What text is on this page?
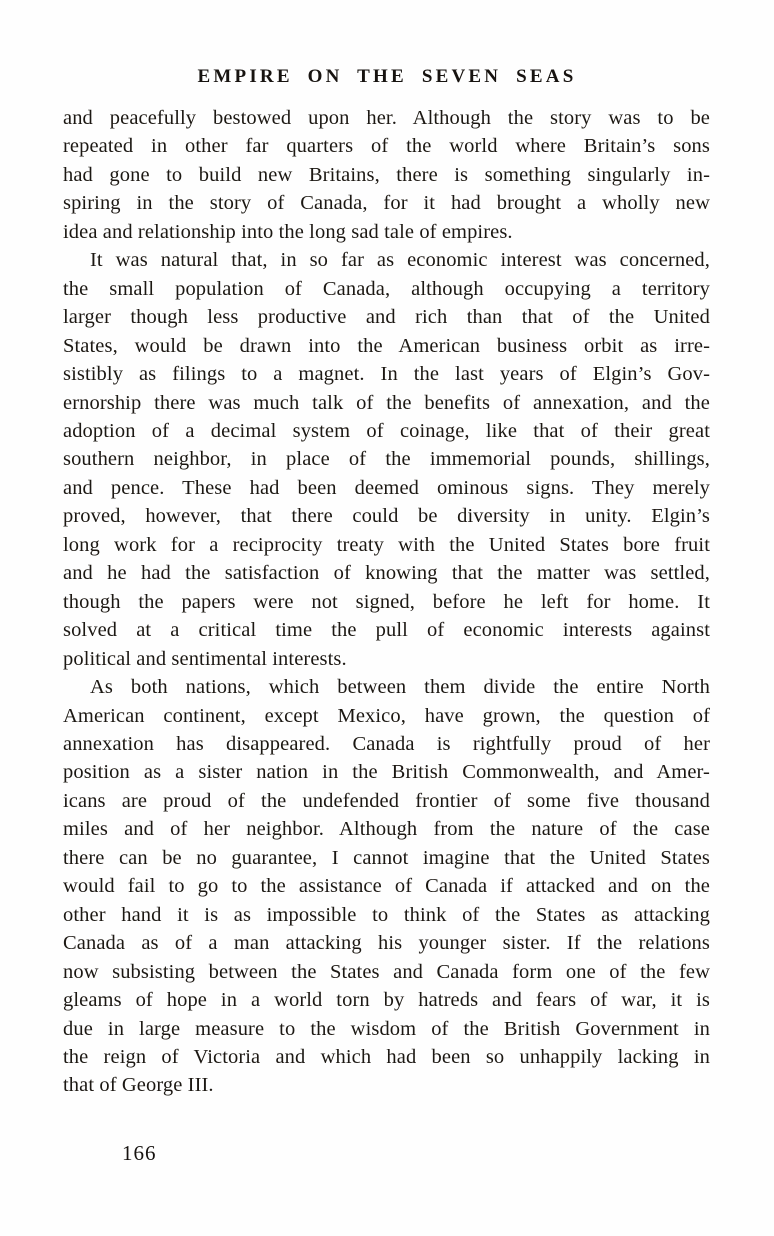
EMPIRE ON THE SEVEN SEAS
and peacefully bestowed upon her. Although the story was to be
repeated in other far quarters of the world where Britain’s sons
had gone to build new Britains, there is something singularly in-
spiring in the story of Canada, for it had brought a wholly new
idea and relationship into the long sad tale of empires.
It was natural that, in so far as economic interest was concerned,
the small population of Canada, although occupying a territory
larger though less productive and rich than that of the United
States, would be drawn into the American business orbit as irre-
sistibly as filings to a magnet. In the last years of Elgin’s Gov-
ernorship there was much talk of the benefits of annexation, and the
adoption of a decimal system of coinage, like that of their great
southern neighbor, in place of the immemorial pounds, shillings,
and pence. These had been deemed ominous signs. They merely
proved, however, that there could be diversity in unity. Elgin’s
long work for a reciprocity treaty with the United States bore fruit
and he had the satisfaction of knowing that the matter was settled,
though the papers were not signed, before he left for home. It
solved at a critical time the pull of economic interests against
political and sentimental interests.
As both nations, which between them divide the entire North
American continent, except Mexico, have grown, the question of
annexation has disappeared. Canada is rightfully proud of her
position as a sister nation in the British Commonwealth, and Amer-
icans are proud of the undefended frontier of some five thousand
miles and of her neighbor. Although from the nature of the case
there can be no guarantee, I cannot imagine that the United States
would fail to go to the assistance of Canada if attacked and on the
other hand it is as impossible to think of the States as attacking
Canada as of a man attacking his younger sister. If the relations
now subsisting between the States and Canada form one of the few
gleams of hope in a world torn by hatreds and fears of war, it is
due in large measure to the wisdom of the British Government in
the reign of Victoria and which had been so unhappily lacking in
that of George III.
166
